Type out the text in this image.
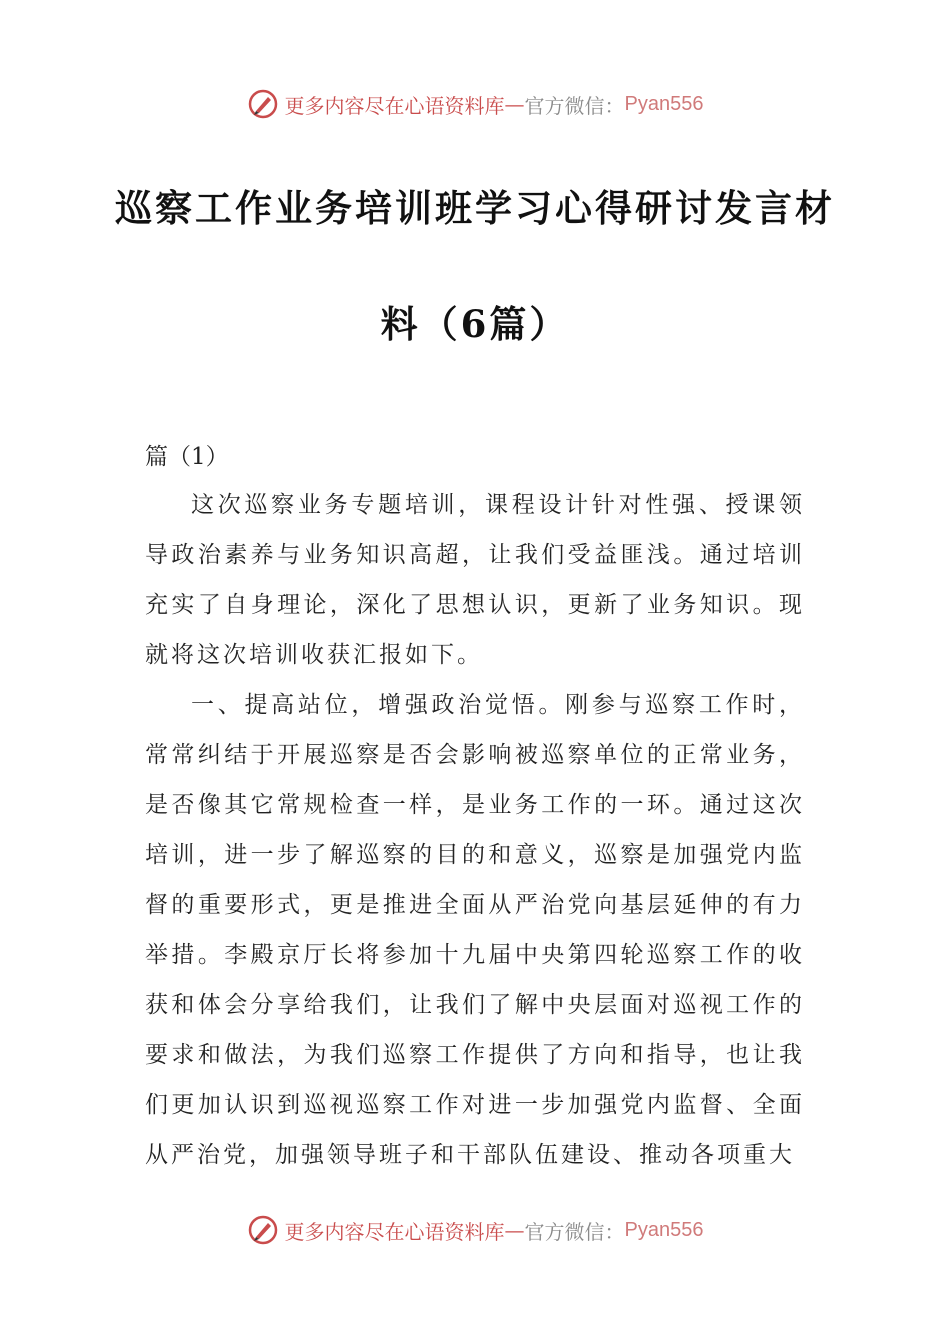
更多内容尽在心语资料库 — 官方微信： Pyan556
巡察工作业务培训班学习心得研讨发言材
料（6篇）
篇（1）

这次巡察业务专题培训，课程设计针对性强、授课领导政治素养与业务知识高超，让我们受益匪浅。通过培训充实了自身理论，深化了思想认识，更新了业务知识。现就将这次培训收获汇报如下。

一、提高站位，增强政治觉悟。刚参与巡察工作时，常常纠结于开展巡察是否会影响被巡察单位的正常业务，是否像其它常规检查一样，是业务工作的一环。通过这次培训，进一步了解巡察的目的和意义，巡察是加强党内监督的重要形式，更是推进全面从严治党向基层延伸的有力举措。李殿京厅长将参加十九届中央第四轮巡察工作的收获和体会分享给我们，让我们了解中央层面对巡视工作的要求和做法，为我们巡察工作提供了方向和指导，也让我们更加认识到巡视巡察工作对进一步加强党内监督、全面从严治党，加强领导班子和干部队伍建设、推动各项重大

更多内容尽在心语资料库 — 官方微信： Pyan556
